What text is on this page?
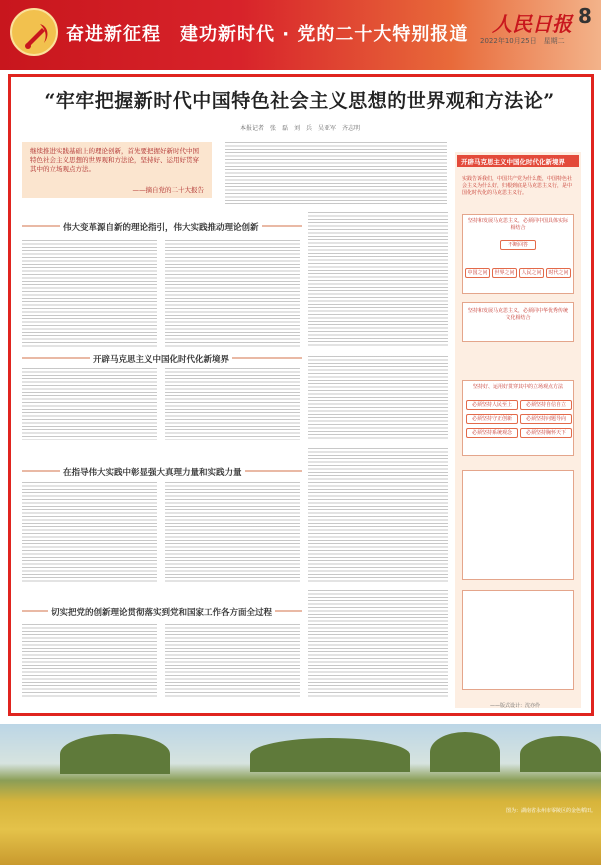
奋进新征程　建功新时代 · 党的二十大特别报道 人民日报 8
2022年10月25日　星期二
“牢牢把握新时代中国特色社会主义思想的世界观和方法论”
本报记者　张　磊　刘　兵　吴亚军　齐志明
继续推进实践基础上的理论创新，首先要把握好新时代中国特色社会主义思想的世界观和方法论，坚持好、运用好贯穿其中的立场观点方法。
——摘自党的二十大报告
伟大变革源自新的理论指引，伟大实践推动理论创新
开辟马克思主义中国化时代化新境界
在指导伟大实践中彰显强大真理力量和实践力量
切实把党的创新理论贯彻落实到党和国家工作各方面全过程
开辟马克思主义中国化时代化新境界
实践告诉我们，中国共产党为什么能，中国特色社会主义为什么好，归根到底是马克思主义行，是中国化时代化的马克思主义行。
坚持和发展马克思主义，必须同中国具体实际相结合
不断回答
中国之问	世界之问	人民之问	时代之问
坚持和发展马克思主义，必须同中华优秀传统文化相结合
坚持好、运用好贯穿其中的立场观点方法
必须坚持人民至上	必须坚持自信自立
必须坚持守正创新	必须坚持问题导向
必须坚持系统观念	必须坚持胸怀天下
——版式设计：沈亦伶
图为：湖南省永州市零陵区的金色稻田。
